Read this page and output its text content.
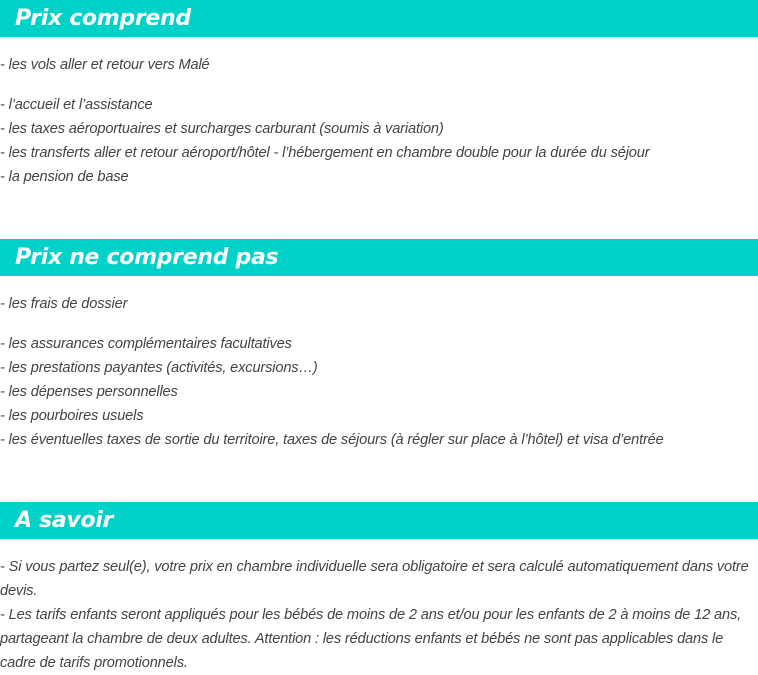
Prix comprend
- les vols aller et retour vers Malé
- l’accueil et l’assistance
- les taxes aéroportuaires et surcharges carburant (soumis à variation)
- les transferts aller et retour aéroport/hôtel - l’hébergement en chambre double pour la durée du séjour
- la pension de base
Prix ne comprend pas
- les frais de dossier
- les assurances complémentaires facultatives
- les prestations payantes (activités, excursions…)
- les dépenses personnelles
- les pourboires usuels
- les éventuelles taxes de sortie du territoire, taxes de séjours (à régler sur place à l’hôtel) et visa d’entrée
A savoir
- Si vous partez seul(e), votre prix en chambre individuelle sera obligatoire et sera calculé automatiquement dans votre devis.
- Les tarifs enfants seront appliqués pour les bébés de moins de 2 ans et/ou pour les enfants de 2 à moins de 12 ans, partageant la chambre de deux adultes. Attention : les réductions enfants et bébés ne sont pas applicables dans le cadre de tarifs promotionnels.
